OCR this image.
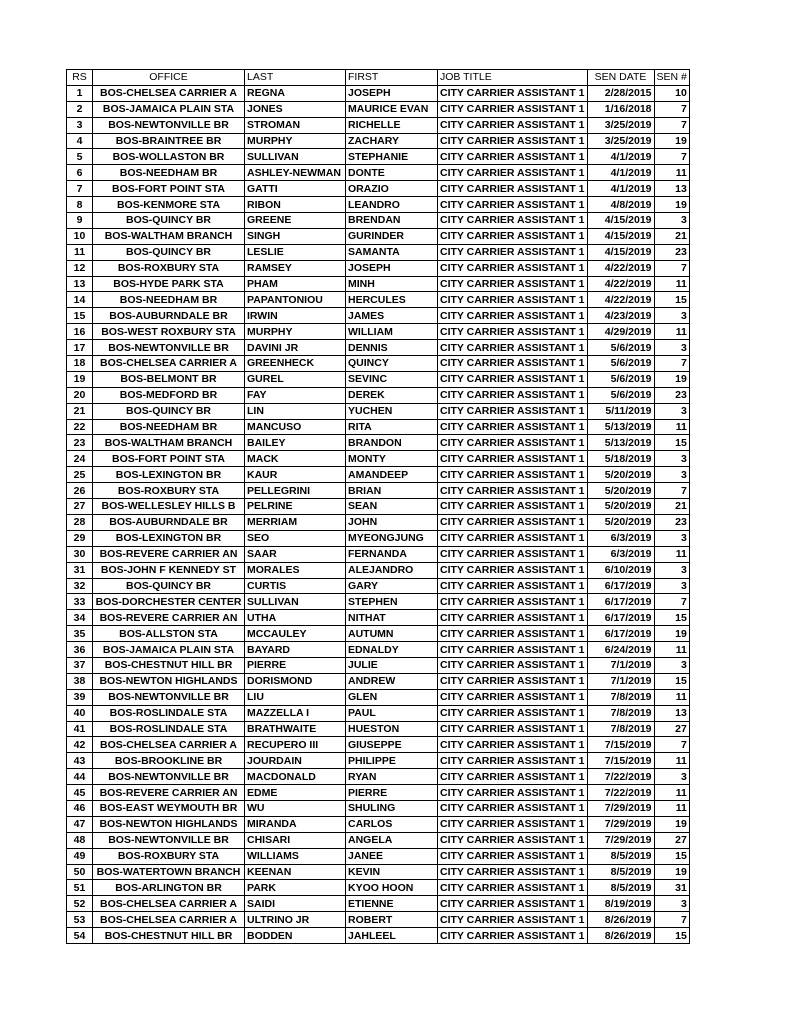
RS	OFFICE	LAST	FIRST	JOB TITLE	SEN DATE	SEN #
1	BOS-CHELSEA CARRIER A	REGNA	JOSEPH	CITY CARRIER ASSISTANT 1	2/28/2015	10
2	BOS-JAMAICA PLAIN STA	JONES	MAURICE EVAN	CITY CARRIER ASSISTANT 1	1/16/2018	7
3	BOS-NEWTONVILLE BR	STROMAN	RICHELLE	CITY CARRIER ASSISTANT 1	3/25/2019	7
4	BOS-BRAINTREE BR	MURPHY	ZACHARY	CITY CARRIER ASSISTANT 1	3/25/2019	19
5	BOS-WOLLASTON BR	SULLIVAN	STEPHANIE	CITY CARRIER ASSISTANT 1	4/1/2019	7
6	BOS-NEEDHAM BR	ASHLEY-NEWMAN	DONTE	CITY CARRIER ASSISTANT 1	4/1/2019	11
7	BOS-FORT POINT STA	GATTI	ORAZIO	CITY CARRIER ASSISTANT 1	4/1/2019	13
8	BOS-KENMORE STA	RIBON	LEANDRO	CITY CARRIER ASSISTANT 1	4/8/2019	19
9	BOS-QUINCY BR	GREENE	BRENDAN	CITY CARRIER ASSISTANT 1	4/15/2019	3
10	BOS-WALTHAM BRANCH	SINGH	GURINDER	CITY CARRIER ASSISTANT 1	4/15/2019	21
11	BOS-QUINCY BR	LESLIE	SAMANTA	CITY CARRIER ASSISTANT 1	4/15/2019	23
12	BOS-ROXBURY STA	RAMSEY	JOSEPH	CITY CARRIER ASSISTANT 1	4/22/2019	7
13	BOS-HYDE PARK STA	PHAM	MINH	CITY CARRIER ASSISTANT 1	4/22/2019	11
14	BOS-NEEDHAM BR	PAPANTONIOU	HERCULES	CITY CARRIER ASSISTANT 1	4/22/2019	15
15	BOS-AUBURNDALE BR	IRWIN	JAMES	CITY CARRIER ASSISTANT 1	4/23/2019	3
16	BOS-WEST ROXBURY STA	MURPHY	WILLIAM	CITY CARRIER ASSISTANT 1	4/29/2019	11
17	BOS-NEWTONVILLE BR	DAVINI JR	DENNIS	CITY CARRIER ASSISTANT 1	5/6/2019	3
18	BOS-CHELSEA CARRIER A	GREENHECK	QUINCY	CITY CARRIER ASSISTANT 1	5/6/2019	7
19	BOS-BELMONT BR	GUREL	SEVINC	CITY CARRIER ASSISTANT 1	5/6/2019	19
20	BOS-MEDFORD BR	FAY	DEREK	CITY CARRIER ASSISTANT 1	5/6/2019	23
21	BOS-QUINCY BR	LIN	YUCHEN	CITY CARRIER ASSISTANT 1	5/11/2019	3
22	BOS-NEEDHAM BR	MANCUSO	RITA	CITY CARRIER ASSISTANT 1	5/13/2019	11
23	BOS-WALTHAM BRANCH	BAILEY	BRANDON	CITY CARRIER ASSISTANT 1	5/13/2019	15
24	BOS-FORT POINT STA	MACK	MONTY	CITY CARRIER ASSISTANT 1	5/18/2019	3
25	BOS-LEXINGTON BR	KAUR	AMANDEEP	CITY CARRIER ASSISTANT 1	5/20/2019	3
26	BOS-ROXBURY STA	PELLEGRINI	BRIAN	CITY CARRIER ASSISTANT 1	5/20/2019	7
27	BOS-WELLESLEY HILLS B	PELRINE	SEAN	CITY CARRIER ASSISTANT 1	5/20/2019	21
28	BOS-AUBURNDALE BR	MERRIAM	JOHN	CITY CARRIER ASSISTANT 1	5/20/2019	23
29	BOS-LEXINGTON BR	SEO	MYEONGJUNG	CITY CARRIER ASSISTANT 1	6/3/2019	3
30	BOS-REVERE CARRIER AN	SAAR	FERNANDA	CITY CARRIER ASSISTANT 1	6/3/2019	11
31	BOS-JOHN F KENNEDY ST	MORALES	ALEJANDRO	CITY CARRIER ASSISTANT 1	6/10/2019	3
32	BOS-QUINCY BR	CURTIS	GARY	CITY CARRIER ASSISTANT 1	6/17/2019	3
33	BOS-DORCHESTER CENTER	SULLIVAN	STEPHEN	CITY CARRIER ASSISTANT 1	6/17/2019	7
34	BOS-REVERE CARRIER AN	UTHA	NITHAT	CITY CARRIER ASSISTANT 1	6/17/2019	15
35	BOS-ALLSTON STA	MCCAULEY	AUTUMN	CITY CARRIER ASSISTANT 1	6/17/2019	19
36	BOS-JAMAICA PLAIN STA	BAYARD	EDNALDY	CITY CARRIER ASSISTANT 1	6/24/2019	11
37	BOS-CHESTNUT HILL BR	PIERRE	JULIE	CITY CARRIER ASSISTANT 1	7/1/2019	3
38	BOS-NEWTON HIGHLANDS	DORISMOND	ANDREW	CITY CARRIER ASSISTANT 1	7/1/2019	15
39	BOS-NEWTONVILLE BR	LIU	GLEN	CITY CARRIER ASSISTANT 1	7/8/2019	11
40	BOS-ROSLINDALE STA	MAZZELLA I	PAUL	CITY CARRIER ASSISTANT 1	7/8/2019	13
41	BOS-ROSLINDALE STA	BRATHWAITE	HUESTON	CITY CARRIER ASSISTANT 1	7/8/2019	27
42	BOS-CHELSEA CARRIER A	RECUPERO III	GIUSEPPE	CITY CARRIER ASSISTANT 1	7/15/2019	7
43	BOS-BROOKLINE BR	JOURDAIN	PHILIPPE	CITY CARRIER ASSISTANT 1	7/15/2019	11
44	BOS-NEWTONVILLE BR	MACDONALD	RYAN	CITY CARRIER ASSISTANT 1	7/22/2019	3
45	BOS-REVERE CARRIER AN	EDME	PIERRE	CITY CARRIER ASSISTANT 1	7/22/2019	11
46	BOS-EAST WEYMOUTH BR	WU	SHULING	CITY CARRIER ASSISTANT 1	7/29/2019	11
47	BOS-NEWTON HIGHLANDS	MIRANDA	CARLOS	CITY CARRIER ASSISTANT 1	7/29/2019	19
48	BOS-NEWTONVILLE BR	CHISARI	ANGELA	CITY CARRIER ASSISTANT 1	7/29/2019	27
49	BOS-ROXBURY STA	WILLIAMS	JANEE	CITY CARRIER ASSISTANT 1	8/5/2019	15
50	BOS-WATERTOWN BRANCH	KEENAN	KEVIN	CITY CARRIER ASSISTANT 1	8/5/2019	19
51	BOS-ARLINGTON BR	PARK	KYOO HOON	CITY CARRIER ASSISTANT 1	8/5/2019	31
52	BOS-CHELSEA CARRIER A	SAIDI	ETIENNE	CITY CARRIER ASSISTANT 1	8/19/2019	3
53	BOS-CHELSEA CARRIER A	ULTRINO JR	ROBERT	CITY CARRIER ASSISTANT 1	8/26/2019	7
54	BOS-CHESTNUT HILL BR	BODDEN	JAHLEEL	CITY CARRIER ASSISTANT 1	8/26/2019	15
